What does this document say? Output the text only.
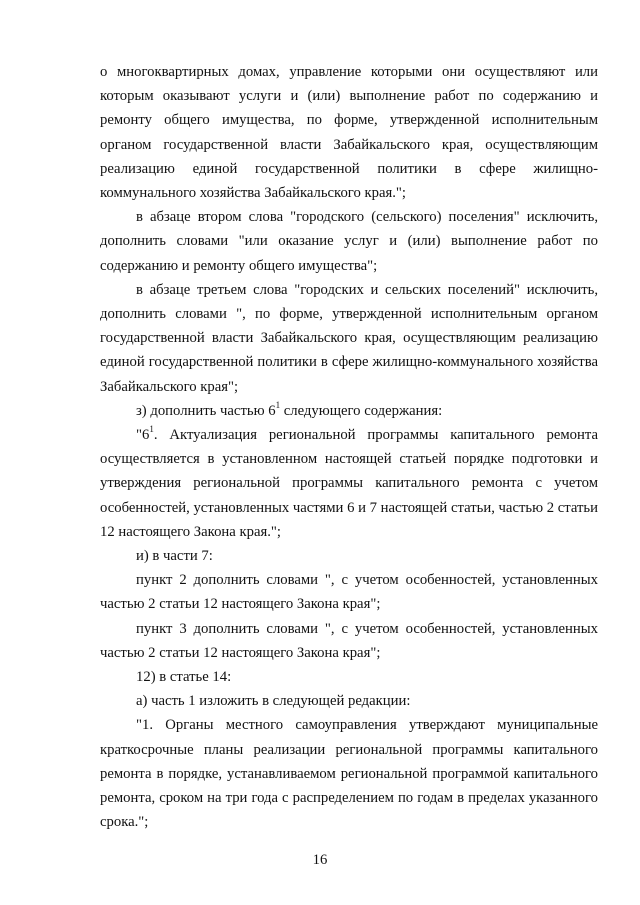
о многоквартирных домах, управление которыми они осуществляют или которым оказывают услуги и (или) выполнение работ по содержанию и ремонту общего имущества, по форме, утвержденной исполнительным органом государственной власти Забайкальского края, осуществляющим реализацию единой государственной политики в сфере жилищно-коммунального хозяйства Забайкальского края.";

в абзаце втором слова "городского (сельского) поселения" исключить, дополнить словами "или оказание услуг и (или) выполнение работ по содержанию и ремонту общего имущества";

в абзаце третьем слова "городских и сельских поселений" исключить, дополнить словами ", по форме, утвержденной исполнительным органом государственной власти Забайкальского края, осуществляющим реализацию единой государственной политики в сфере жилищно-коммунального хозяйства Забайкальского края";

з) дополнить частью $6^1$ следующего содержания:

"$6^1$. Актуализация региональной программы капитального ремонта осуществляется в установленном настоящей статьей порядке подготовки и утверждения региональной программы капитального ремонта с учетом особенностей, установленных частями 6 и 7 настоящей статьи, частью 2 статьи 12 настоящего Закона края.";

и) в части 7:

пункт 2 дополнить словами ", с учетом особенностей, установленных частью 2 статьи 12 настоящего Закона края";

пункт 3 дополнить словами ", с учетом особенностей, установленных частью 2 статьи 12 настоящего Закона края";

12) в статье 14:

а) часть 1 изложить в следующей редакции:

"1. Органы местного самоуправления утверждают муниципальные краткосрочные планы реализации региональной программы капитального ремонта в порядке, устанавливаемом региональной программой капитального ремонта, сроком на три года с распределением по годам в пределах указанного срока.";

16
